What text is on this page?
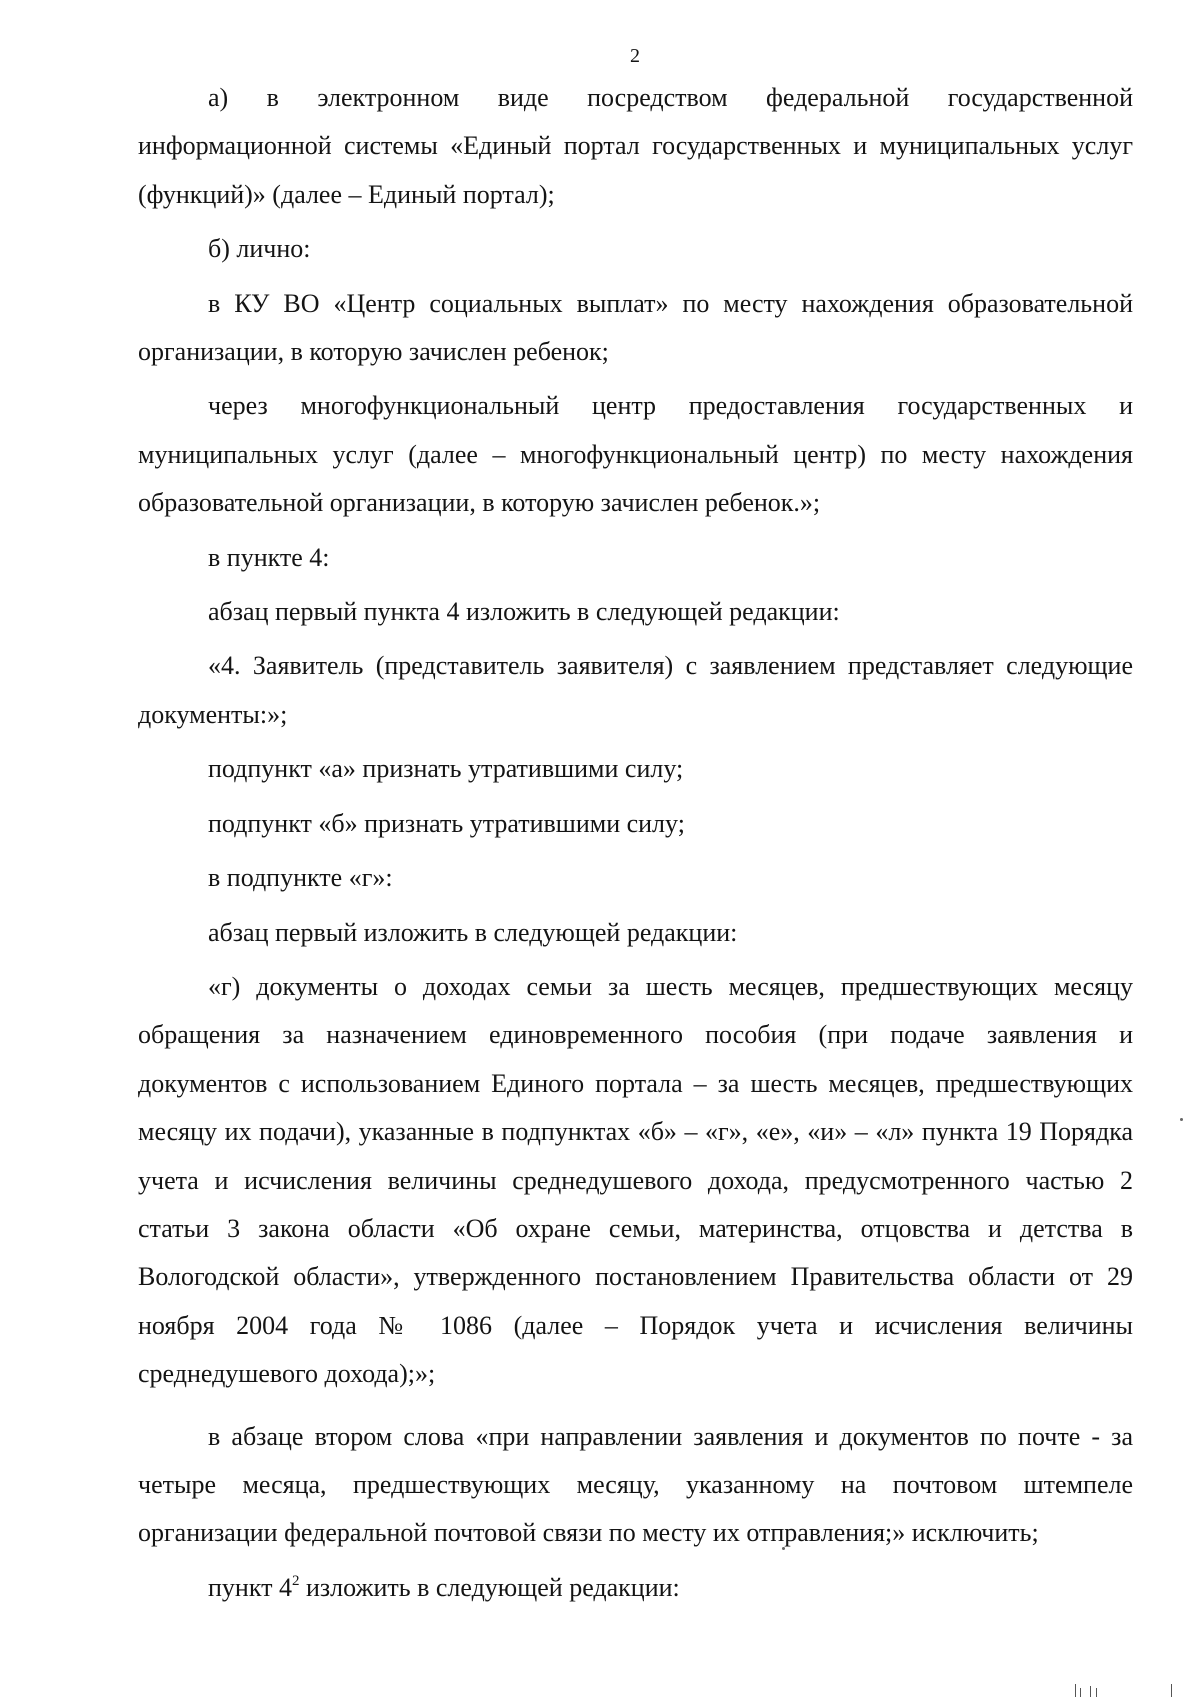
2

а) в электронном виде посредством федеральной государственной информационной системы «Единый портал государственных и муниципальных услуг (функций)» (далее – Единый портал);

б) лично:

в КУ ВО «Центр социальных выплат» по месту нахождения образовательной организации, в которую зачислен ребенок;

через многофункциональный центр предоставления государственных и муниципальных услуг (далее – многофункциональный центр) по месту нахождения образовательной организации, в которую зачислен ребенок.»;

в пункте 4:

абзац первый пункта 4 изложить в следующей редакции:

«4. Заявитель (представитель заявителя) с заявлением представляет следующие документы:»;

подпункт «а» признать утратившими силу;

подпункт «б» признать утратившими силу;

в подпункте «г»:

абзац первый изложить в следующей редакции:

«г) документы о доходах семьи за шесть месяцев, предшествующих месяцу обращения за назначением единовременного пособия (при подаче заявления и документов с использованием Единого портала – за шесть месяцев, предшествующих месяцу их подачи), указанные в подпунктах «б» – «г», «е», «и» – «л» пункта 19 Порядка учета и исчисления величины среднедушевого дохода, предусмотренного частью 2 статьи 3 закона области «Об охране семьи, материнства, отцовства и детства в Вологодской области», утвержденного постановлением Правительства области от 29 ноября 2004 года № 1086 (далее – Порядок учета и исчисления величины среднедушевого дохода);»;

в абзаце втором слова «при направлении заявления и документов по почте - за четыре месяца, предшествующих месяцу, указанному на почтовом штемпеле организации федеральной почтовой связи по месту их отправления;» исключить;

пункт $4^2$ изложить в следующей редакции:
